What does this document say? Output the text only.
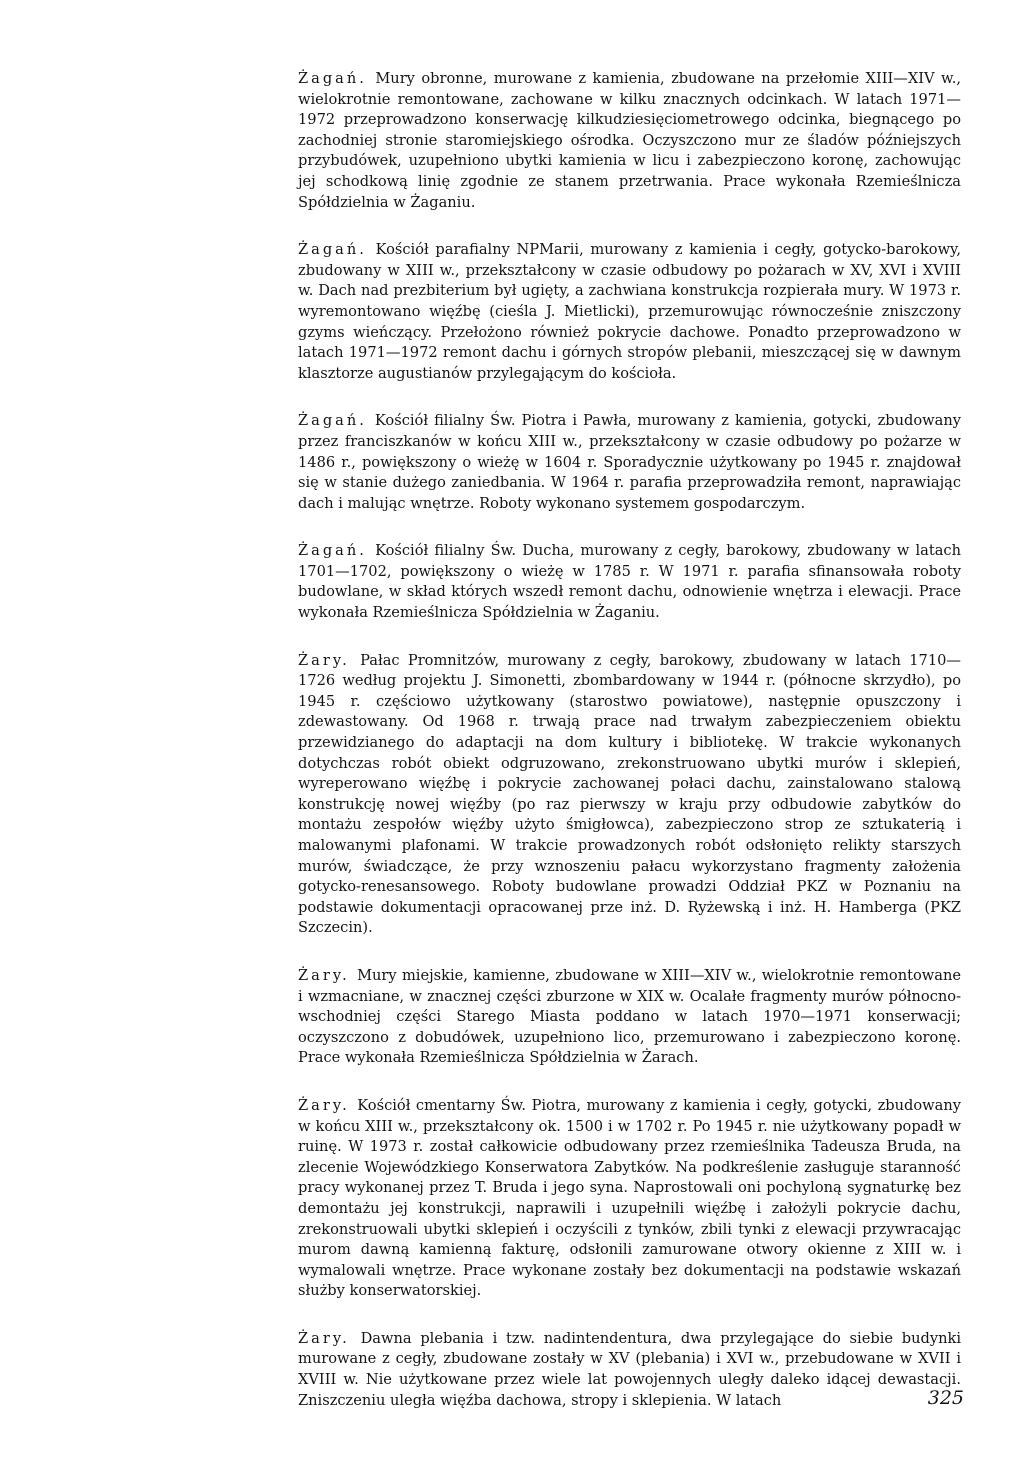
Żagań. Mury obronne, murowane z kamienia, zbudowane na przełomie XIII—XIV w., wielokrotnie remontowane, zachowane w kilku znacznych odcinkach. W latach 1971—1972 przeprowadzono konserwację kilkudziesięciometrowego odcinka, biegnącego po zachodniej stronie staromiejskiego ośrodka. Oczyszczono mur ze śladów późniejszych przybudówek, uzupełniono ubytki kamienia w licu i zabezpieczono koronę, zachowując jej schodkową linię zgodnie ze stanem przetrwania. Prace wykonała Rzemieślnicza Spółdzielnia w Żaganiu.

Żagań. Kościół parafialny NPMarii, murowany z kamienia i cegły, gotycko-barokowy, zbudowany w XIII w., przekształcony w czasie odbudowy po pożarach w XV, XVI i XVIII w. Dach nad prezbiterium był ugięty, a zachwiana konstrukcja rozpierała mury. W 1973 r. wyremontowano więźbę (cieśla J. Mietlicki), przemurowując równocześnie zniszczony gzyms wieńczący. Przełożono również pokrycie dachowe. Ponadto przeprowadzono w latach 1971—1972 remont dachu i górnych stropów plebanii, mieszczącej się w dawnym klasztorze augustianów przylegającym do kościoła.

Żagań. Kościół filialny Św. Piotra i Pawła, murowany z kamienia, gotycki, zbudowany przez franciszkanów w końcu XIII w., przekształcony w czasie odbudowy po pożarze w 1486 r., powiększony o wieżę w 1604 r. Sporadycznie użytkowany po 1945 r. znajdował się w stanie dużego zaniedbania. W 1964 r. parafia przeprowadziła remont, naprawiając dach i malując wnętrze. Roboty wykonano systemem gospodarczym.

Żagań. Kościół filialny Św. Ducha, murowany z cegły, barokowy, zbudowany w latach 1701—1702, powiększony o wieżę w 1785 r. W 1971 r. parafia sfinansowała roboty budowlane, w skład których wszedł remont dachu, odnowienie wnętrza i elewacji. Prace wykonała Rzemieślnicza Spółdzielnia w Żaganiu.

Żary. Pałac Promnitzów, murowany z cegły, barokowy, zbudowany w latach 1710—1726 według projektu J. Simonetti, zbombardowany w 1944 r. (północne skrzydło), po 1945 r. częściowo użytkowany (starostwo powiatowe), następnie opuszczony i zdewastowany. Od 1968 r. trwają prace nad trwałym zabezpieczeniem obiektu przewidzianego do adaptacji na dom kultury i bibliotekę. W trakcie wykonanych dotychczas robót obiekt odgruzowano, zrekonstruowano ubytki murów i sklepień, wyreperowano więźbę i pokrycie zachowanej połaci dachu, zainstalowano stalową konstrukcję nowej więźby (po raz pierwszy w kraju przy odbudowie zabytków do montażu zespołów więźby użyto śmigłowca), zabezpieczono strop ze sztukaterią i malowanymi plafonami. W trakcie prowadzonych robót odsłonięto relikty starszych murów, świadczące, że przy wznoszeniu pałacu wykorzystano fragmenty założenia gotycko-renesansowego. Roboty budowlane prowadzi Oddział PKZ w Poznaniu na podstawie dokumentacji opracowanej prze inż. D. Ryżewską i inż. H. Hamberga (PKZ Szczecin).

Żary. Mury miejskie, kamienne, zbudowane w XIII—XIV w., wielokrotnie remontowane i wzmacniane, w znacznej części zburzone w XIX w. Ocalałe fragmenty murów północno-wschodniej części Starego Miasta poddano w latach 1970—1971 konserwacji; oczyszczono z dobudówek, uzupełniono lico, przemurowano i zabezpieczono koronę. Prace wykonała Rzemieślnicza Spółdzielnia w Żarach.

Żary. Kościół cmentarny Św. Piotra, murowany z kamienia i cegły, gotycki, zbudowany w końcu XIII w., przekształcony ok. 1500 i w 1702 r. Po 1945 r. nie użytkowany popadł w ruinę. W 1973 r. został całkowicie odbudowany przez rzemieślnika Tadeusza Bruda, na zlecenie Wojewódzkiego Konserwatora Zabytków. Na podkreślenie zasługuje staranność pracy wykonanej przez T. Bruda i jego syna. Naprostowali oni pochyloną sygnaturkę bez demontażu jej konstrukcji, naprawili i uzupełnili więźbę i założyli pokrycie dachu, zrekonstruowali ubytki sklepień i oczyścili z tynków, zbili tynki z elewacji przywracając murom dawną kamienną fakturę, odsłonili zamurowane otwory okienne z XIII w. i wymalowali wnętrze. Prace wykonane zostały bez dokumentacji na podstawie wskazań służby konserwatorskiej.

Żary. Dawna plebania i tzw. nadintendentura, dwa przylegające do siebie budynki murowane z cegły, zbudowane zostały w XV (plebania) i XVI w., przebudowane w XVII i XVIII w. Nie użytkowane przez wiele lat powojennych uległy daleko idącej dewastacji. Zniszczeniu uległa więźba dachowa, stropy i sklepienia. W latach	325
